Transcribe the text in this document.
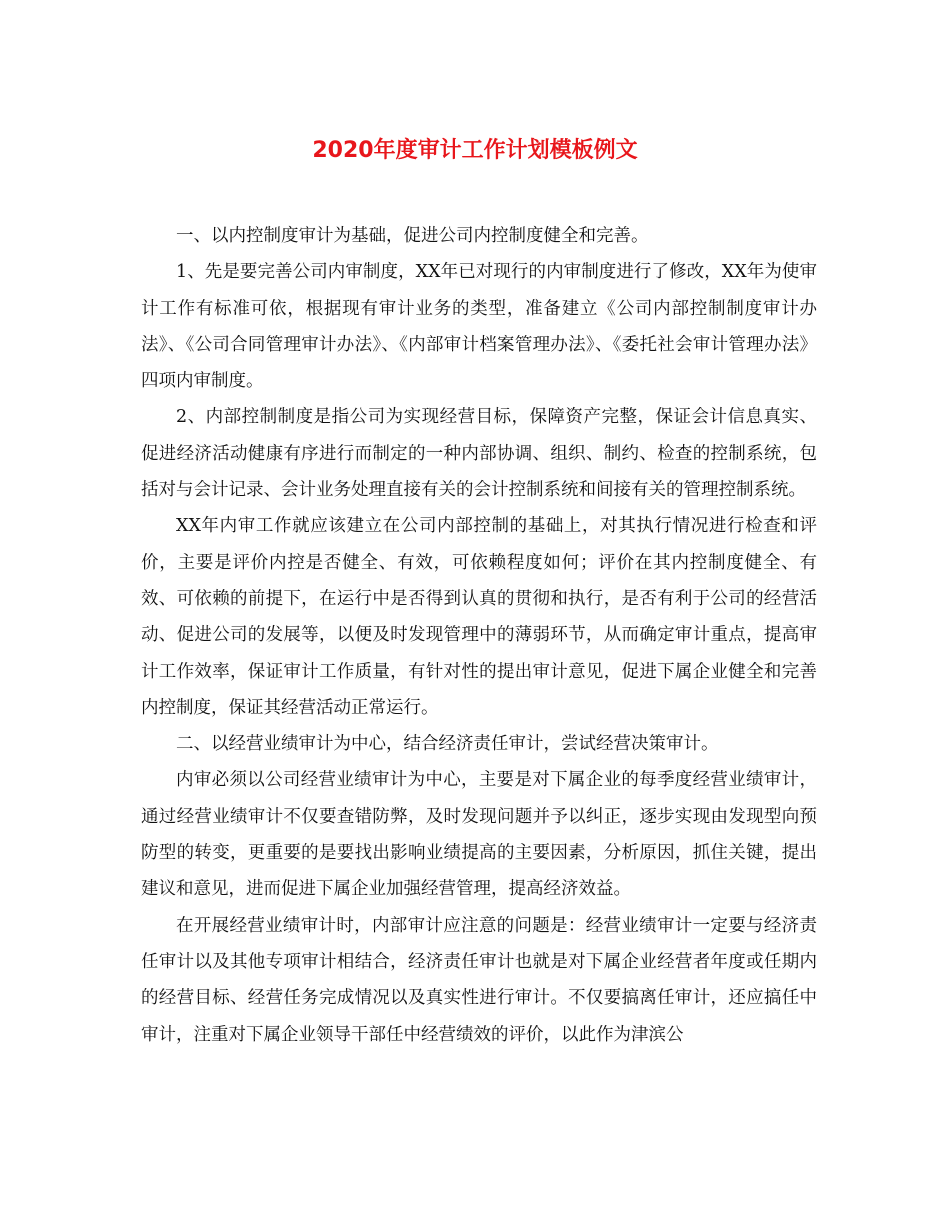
2020年度审计工作计划模板例文

一、以内控制度审计为基础，促进公司内控制度健全和完善。

1、先是要完善公司内审制度，XX年已对现行的内审制度进行了修改，XX年为使审计工作有标准可依，根据现有审计业务的类型，准备建立《公司内部控制制度审计办法》、《公司合同管理审计办法》、《内部审计档案管理办法》、《委托社会审计管理办法》四项内审制度。

2、内部控制制度是指公司为实现经营目标，保障资产完整，保证会计信息真实、促进经济活动健康有序进行而制定的一种内部协调、组织、制约、检查的控制系统，包括对与会计记录、会计业务处理直接有关的会计控制系统和间接有关的管理控制系统。

XX年内审工作就应该建立在公司内部控制的基础上，对其执行情况进行检查和评价，主要是评价内控是否健全、有效，可依赖程度如何；评价在其内控制度健全、有效、可依赖的前提下，在运行中是否得到认真的贯彻和执行，是否有利于公司的经营活动、促进公司的发展等，以便及时发现管理中的薄弱环节，从而确定审计重点，提高审计工作效率，保证审计工作质量，有针对性的提出审计意见，促进下属企业健全和完善内控制度，保证其经营活动正常运行。

二、以经营业绩审计为中心，结合经济责任审计，尝试经营决策审计。

内审必须以公司经营业绩审计为中心，主要是对下属企业的每季度经营业绩审计，通过经营业绩审计不仅要查错防弊，及时发现问题并予以纠正，逐步实现由发现型向预防型的转变，更重要的是要找出影响业绩提高的主要因素，分析原因，抓住关键，提出建议和意见，进而促进下属企业加强经营管理，提高经济效益。

在开展经营业绩审计时，内部审计应注意的问题是：经营业绩审计一定要与经济责任审计以及其他专项审计相结合，经济责任审计也就是对下属企业经营者年度或任期内的经营目标、经营任务完成情况以及真实性进行审计。不仅要搞离任审计，还应搞任中审计，注重对下属企业领导干部任中经营绩效的评价，以此作为津滨公
